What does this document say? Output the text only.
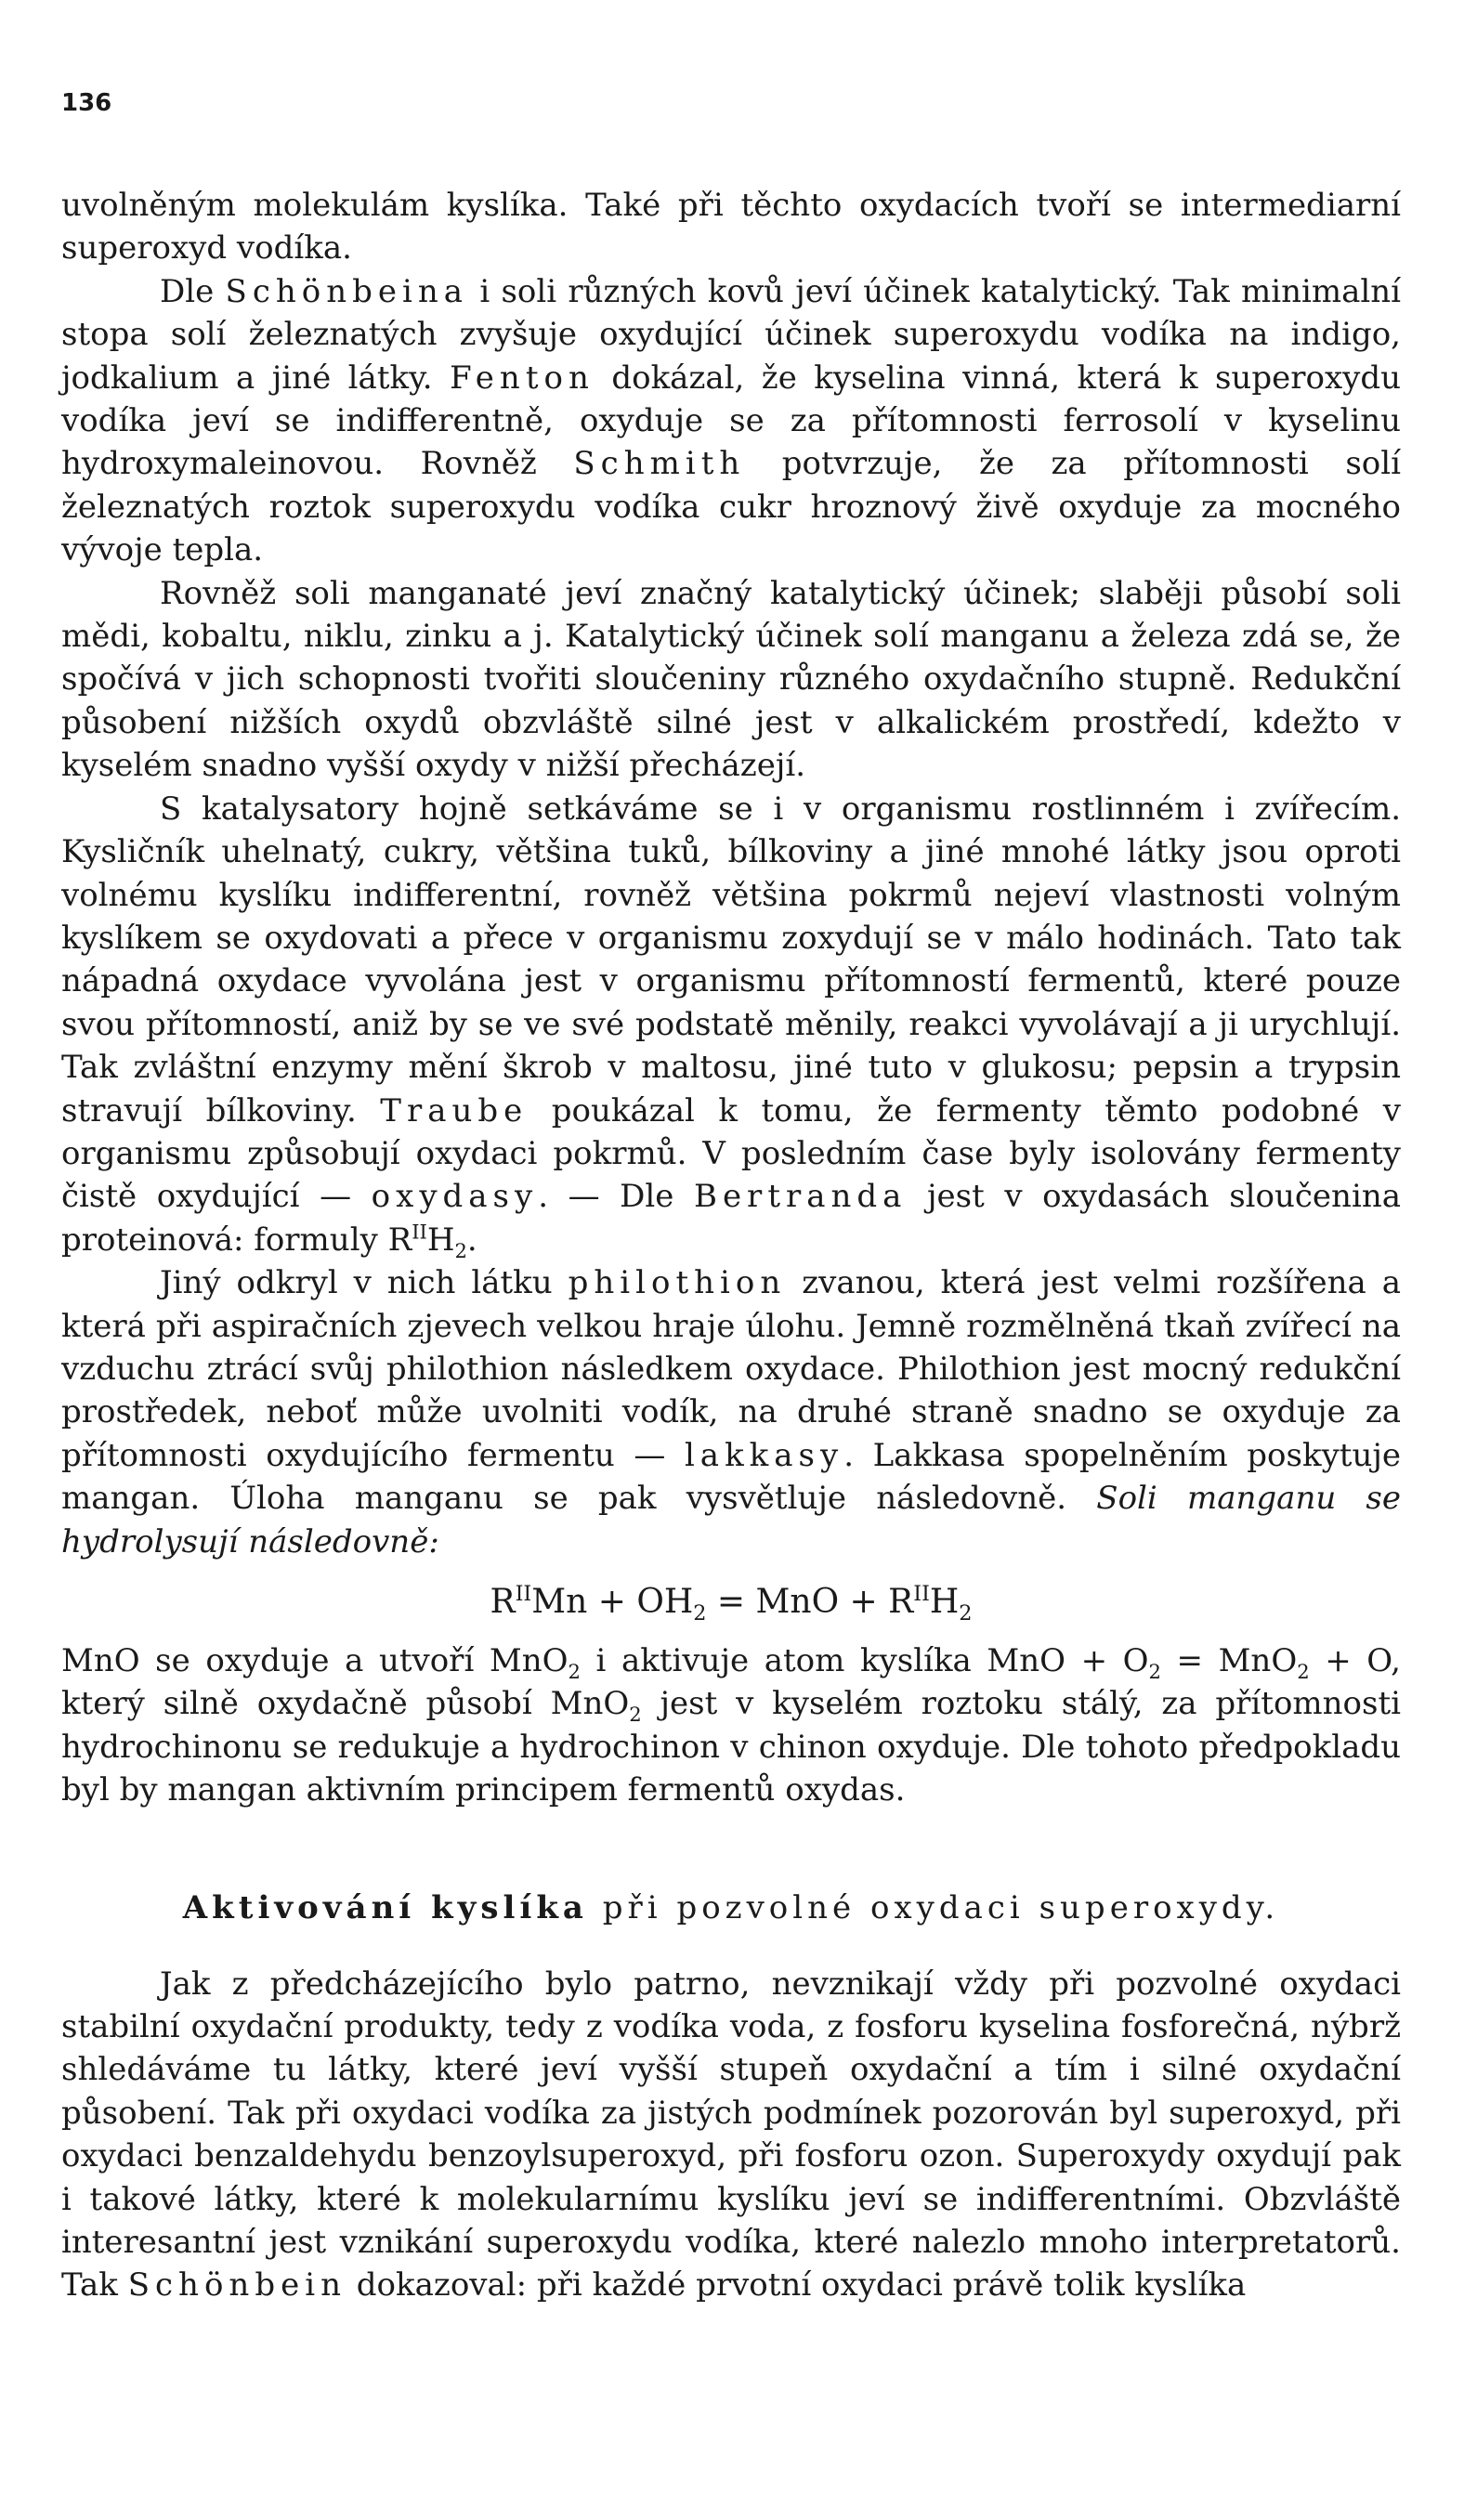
136

uvolněným molekulám kyslíka. Také při těchto oxydacích tvoří se intermediarní superoxyd vodíka.

Dle Schönbeina i soli různých kovů jeví účinek katalytický. Tak minimalní stopa solí železnatých zvyšuje oxydující účinek superoxydu vodíka na indigo, jodkalium a jiné látky. Fenton dokázal, že kyselina vinná, která k superoxydu vodíka jeví se indifferentně, oxyduje se za přítomnosti ferrosolí v kyselinu hydroxymaleinovou. Rovněž Schmith potvrzuje, že za přítomnosti solí železnatých roztok superoxydu vodíka cukr hroznový živě oxyduje za mocného vývoje tepla.

Rovněž soli manganaté jeví značný katalytický účinek; slaběji působí soli mědi, kobaltu, niklu, zinku a j. Katalytický účinek solí manganu a železa zdá se, že spočívá v jich schopnosti tvořiti sloučeniny různého oxydačního stupně. Redukční působení nižších oxydů obzvláště silné jest v alkalickém prostředí, kdežto v kyselém snadno vyšší oxydy v nižší přecházejí.

S katalysatory hojně setkáváme se i v organismu rostlinném i zvířecím. Kysličník uhelnatý, cukry, většina tuků, bílkoviny a jiné mnohé látky jsou oproti volnému kyslíku indifferentní, rovněž většina pokrmů nejeví vlastnosti volným kyslíkem se oxydovati a přece v organismu zoxydují se v málo hodinách. Tato tak nápadná oxydace vyvolána jest v organismu přítomností fermentů, které pouze svou přítomností, aniž by se ve své podstatě měnily, reakci vyvolávají a ji urychlují. Tak zvláštní enzymy mění škrob v maltosu, jiné tuto v glukosu; pepsin a trypsin stravují bílkoviny. Traube poukázal k tomu, že fermenty těmto podobné v organismu způsobují oxydaci pokrmů. V posledním čase byly isolovány fermenty čistě oxydující — oxydasy. — Dle Bertranda jest v oxydasách sloučenina proteinová: formuly $R^{II}H_2$.

Jiný odkryl v nich látku philothion zvanou, která jest velmi rozšířena a která při aspiračních zjevech velkou hraje úlohu. Jemně rozmělněná tkaň zvířecí na vzduchu ztrácí svůj philothion následkem oxydace. Philothion jest mocný redukční prostředek, neboť může uvolniti vodík, na druhé straně snadno se oxyduje za přítomnosti oxydujícího fermentu — lakkasy. Lakkasa spopelněním poskytuje mangan. Úloha manganu se pak vysvětluje následovně. Soli manganu se hydrolysují následovně:

$R^{II}Mn + OH_2$ = MnO + $R^{II}H_2$

MnO se oxyduje a utvoří MnO$_2$ i aktivuje atom kyslíka MnO + $O_2 = MnO_2 + O$, který silně oxydačně působí MnO$_2$ jest v kyselém roztoku stálý, za přítomnosti hydrochinonu se redukuje a hydrochinon v chinon oxyduje. Dle tohoto předpokladu byl by mangan aktivním principem fermentů oxydas.

Aktivování kyslíka při pozvolné oxydaci superoxydy.

Jak z předcházejícího bylo patrno, nevznikají vždy při pozvolné oxydaci stabilní oxydační produkty, tedy z vodíka voda, z fosforu kyselina fosforečná, nýbrž shledáváme tu látky, které jeví vyšší stupeň oxydační a tím i silné oxydační působení. Tak při oxydaci vodíka za jistých podmínek pozorován byl superoxyd, při oxydaci benzaldehydu benzoylsuperoxyd, při fosforu ozon. Superoxydy oxydují pak i takové látky, které k molekularnímu kyslíku jeví se indifferentními. Obzvláště interesantní jest vznikání superoxydu vodíka, které nalezlo mnoho interpretatorů. Tak Schönbein dokazoval: při každé prvotní oxydaci právě tolik kyslíka
